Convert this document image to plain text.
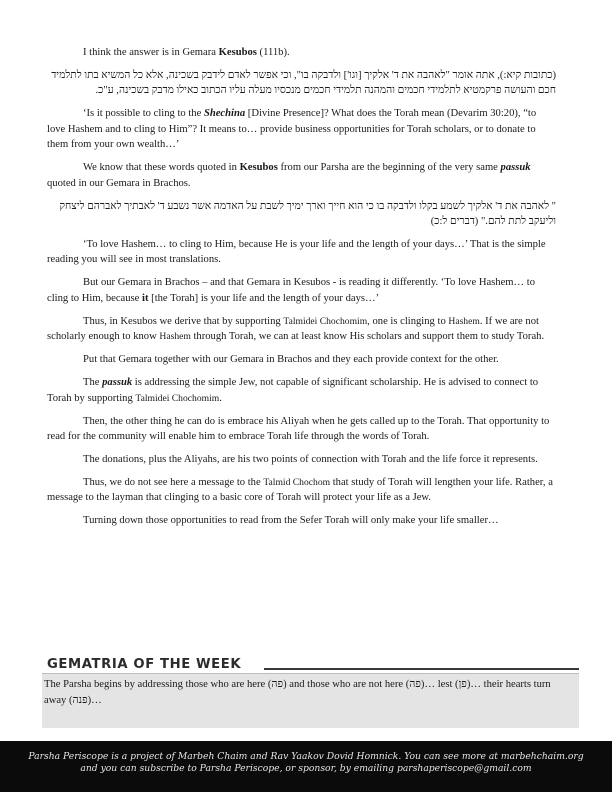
I think the answer is in Gemara Kesubos (111b).

(כתובות קיא:), אתה אומר "לאהבה את ד' אלקיך [וגו'] ולדבקה בו", וכי אפשר לאדם לידבק בשכינה, אלא כל המשיא בתו לתלמיד חכם והעושה פרקמטיא לתלמידי חכמים והמהנה תלמידי חכמים מנכסיו מעלה עליו הכתוב כאילו מדבק בשכינה, ע"כ.

‘Is it possible to cling to the Shechina [Divine Presence]? What does the Torah mean (Devarim 30:20), “to love Hashem and to cling to Him”? It means to… provide business opportunities for Torah scholars, or to donate to them from your own wealth…’

We know that these words quoted in Kesubos from our Parsha are the beginning of the very same passuk quoted in our Gemara in Brachos.

" לאהבה את ד' אלקיך לשמע בקלו ולדבקה בו כי הוא חייך וארך ימיך לשבת על האדמה אשר נשבע ד' לאבתיך לאברהם ליצחק וליעקב לתת להם." (דברים ל:כ)

‘To love Hashem… to cling to Him, because He is your life and the length of your days…’ That is the simple reading you will see in most translations.

But our Gemara in Brachos – and that Gemara in Kesubos - is reading it differently. ‘To love Hashem… to cling to Him, because it [the Torah] is your life and the length of your days…’

Thus, in Kesubos we derive that by supporting Talmidei Chochomim, one is clinging to Hashem. If we are not scholarly enough to know Hashem through Torah, we can at least know His scholars and support them to study Torah.

Put that Gemara together with our Gemara in Brachos and they each provide context for the other.

The passuk is addressing the simple Jew, not capable of significant scholarship. He is advised to connect to Torah by supporting Talmidei Chochomim.

Then, the other thing he can do is embrace his Aliyah when he gets called up to the Torah. That opportunity to read for the community will enable him to embrace Torah life through the words of Torah.

The donations, plus the Aliyahs, are his two points of connection with Torah and the life force it represents.

Thus, we do not see here a message to the Talmid Chochom that study of Torah will lengthen your life. Rather, a message to the layman that clinging to a basic core of Torah will protect your life as a Jew.

Turning down those opportunities to read from the Sefer Torah will only make your life smaller…

GEMATRIA OF THE WEEK
The Parsha begins by addressing those who are here (פה) and those who are not here (פה)… lest (פן)… their hearts turn away (פנה)…
Parsha Periscope is a project of Marbeh Chaim and Rav Yaakov Dovid Homnick. You can see more at marbehchaim.org
and you can subscribe to Parsha Periscope, or sponsor, by emailing parshaperiscope@gmail.com
